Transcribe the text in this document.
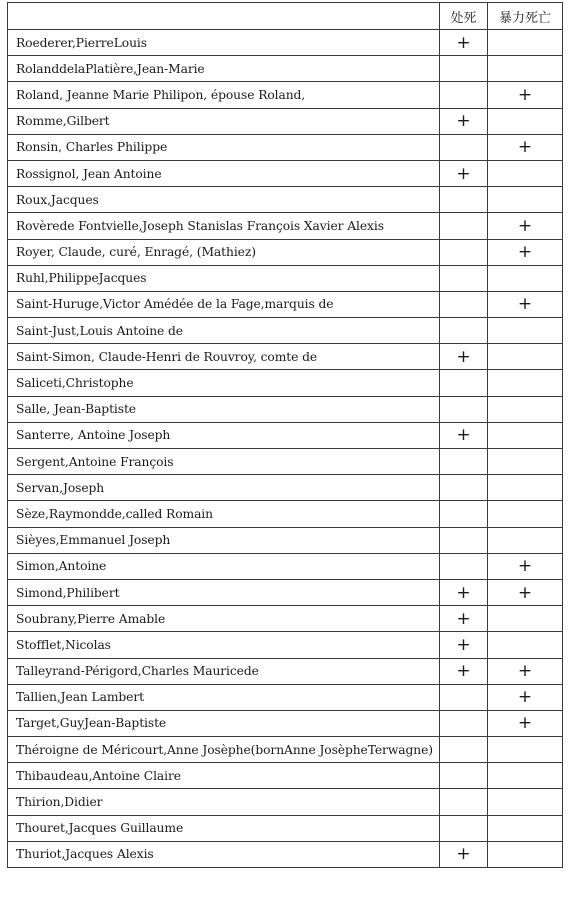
	处死	暴力死亡
Roederer,PierreLouis	+	
RolanddelaPlatière,Jean-Marie		
Roland, Jeanne Marie Philipon, épouse Roland,		+
Romme,Gilbert	+	
Ronsin, Charles Philippe		+
Rossignol, Jean Antoine	+	
Roux,Jacques		
Rovèrede Fontvielle,Joseph Stanislas François Xavier Alexis		+
Royer, Claude, curé, Enragé, (Mathiez)		+
Ruhl,PhilippeJacques		
Saint-Huruge,Victor Amédée de la Fage,marquis de		+
Saint-Just,Louis Antoine de		
Saint-Simon, Claude-Henri de Rouvroy, comte de	+	
Saliceti,Christophe		
Salle, Jean-Baptiste		
Santerre, Antoine Joseph	+	
Sergent,Antoine François		
Servan,Joseph		
Sèze,Raymondde,called Romain		
Sièyes,Emmanuel Joseph		
Simon,Antoine		+
Simond,Philibert	+	+
Soubrany,Pierre Amable	+	
Stofflet,Nicolas	+	
Talleyrand-Périgord,Charles Mauricede	+	+
Tallien,Jean Lambert		+
Target,GuyJean-Baptiste		+
Théroigne de Méricourt,Anne Josèphe(bornAnne JosèpheTerwagne)		
Thibaudeau,Antoine Claire		
Thirion,Didier		
Thouret,Jacques Guillaume		
Thuriot,Jacques Alexis	+	
